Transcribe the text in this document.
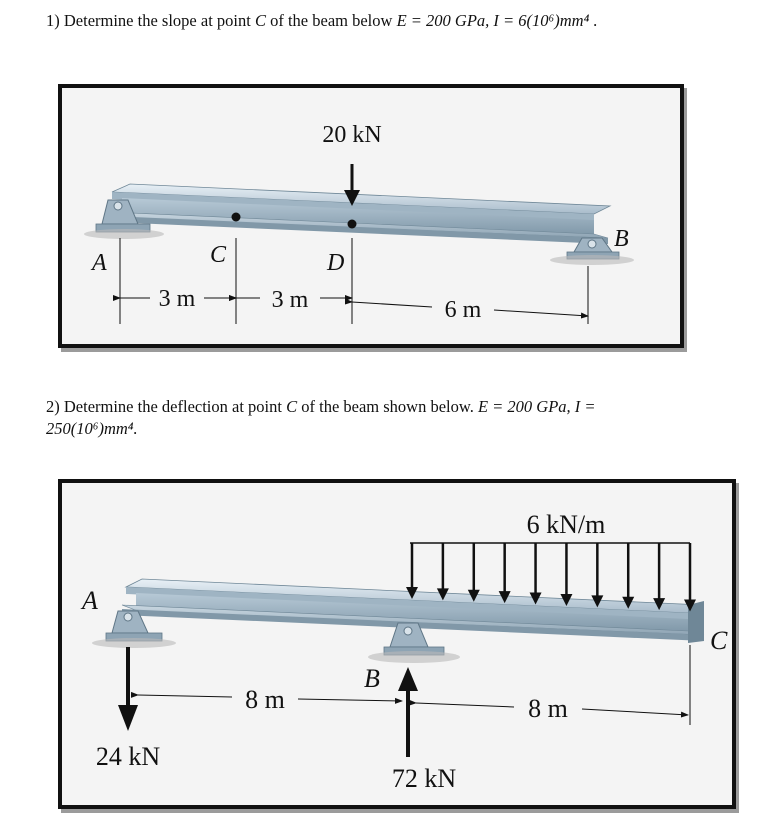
1) Determine the slope at point C of the beam below E = 200 GPa, I = 6(10⁶)mm⁴ .
20 kN
A	C	D
B
3 m	3 m	6 m
2) Determine the deflection at point C of the beam shown below. E = 200 GPa, I =
250(10⁶)mm⁴.
6 kN/m
24 kN
72 kN
A
B
C
8 m	8 m
